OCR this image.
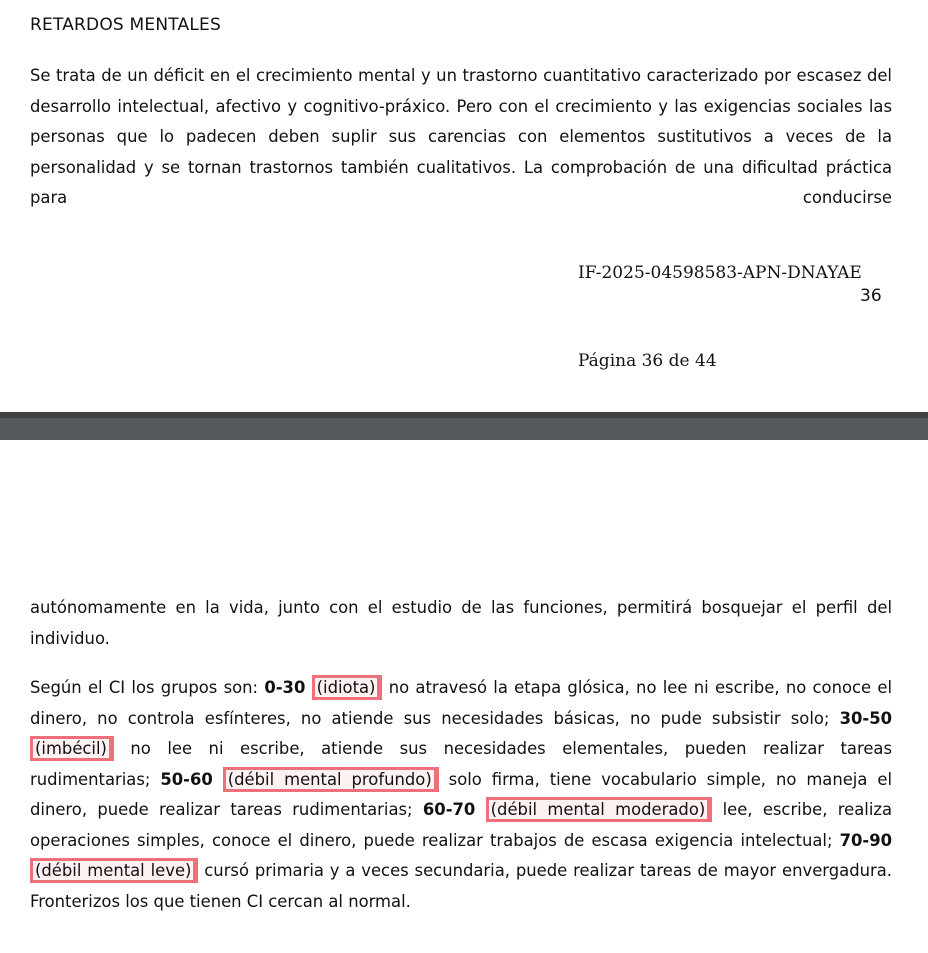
RETARDOS MENTALES

Se trata de un déficit en el crecimiento mental y un trastorno cuantitativo caracterizado por escasez del desarrollo intelectual, afectivo y cognitivo-práxico. Pero con el crecimiento y las exigencias sociales las personas que lo padecen deben suplir sus carencias con elementos sustitutivos a veces de la personalidad y se tornan trastornos también cualitativos. La comprobación de una dificultad práctica para conducirse

IF-2025-04598583-APN-DNAYAE

36

Página 36 de 44

autónomamente en la vida, junto con el estudio de las funciones, permitirá bosquejar el perfil del individuo.

Según el CI los grupos son: 0-30 (idiota) no atravesó la etapa glósica, no lee ni escribe, no conoce el dinero, no controla esfínteres, no atiende sus necesidades básicas, no pude subsistir solo; 30-50 (imbécil) no lee ni escribe, atiende sus necesidades elementales, pueden realizar tareas rudimentarias; 50-60 (débil mental profundo) solo firma, tiene vocabulario simple, no maneja el dinero, puede realizar tareas rudimentarias; 60-70 (débil mental moderado) lee, escribe, realiza operaciones simples, conoce el dinero, puede realizar trabajos de escasa exigencia intelectual; 70-90 (débil mental leve) cursó primaria y a veces secundaria, puede realizar tareas de mayor envergadura. Fronterizos los que tienen CI cercan al normal.
